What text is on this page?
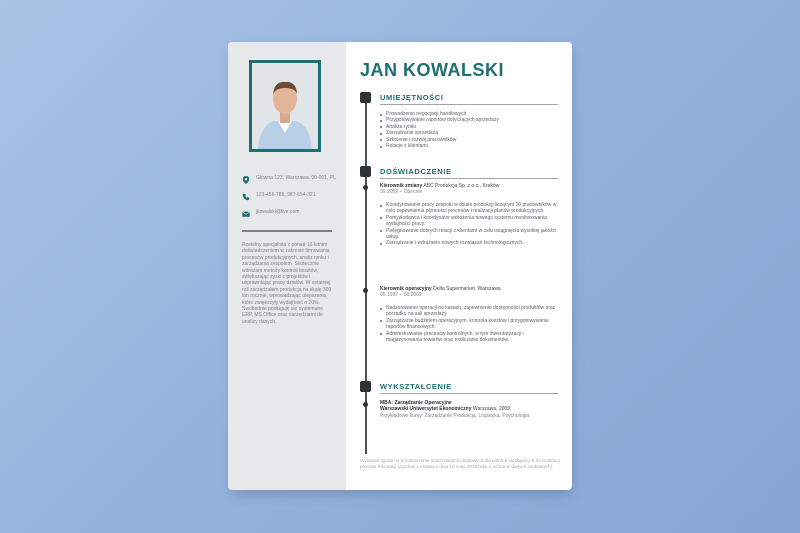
Główna 123, Warszawa, 00-001, PL
123-456-789, 987-654-321
jkowalski@live.com
Rzetelny specjalista z ponad 10-letnim doświadczeniem w zakresie firmowania procesów produkcyjnych, analiz rynku i zarządzania zespołem. Skutecznie wdrażam metody kontroli kosztów, zwiększając zyski z projektów i usprawniając pracę działów. W ostatniej roli zarządzałem produkcją na skalę 300 ton rocznie, wprowadzając ulepszenia, które zwiększyły wydajność o 20%. Swobodnie posługuję się systemami ERP, MS Office oraz narzędziami do analizy danych.
JAN KOWALSKI
UMIEJĘTNOŚCI
Prowadzenie negocjacji handlowych
Przygotowywanie raportów dotyczących sprzedaży
Analiza rynku
Zarządzanie sprzedażą
Szkolenie i rozwój pracowników
Relacje z klientami
DOŚWIADCZENIE
Kierownik zmiany ABC Produkcja Sp. z o.o., Kraków
09.2009 – Obecnie
Koordynowanie pracy zespołu w dziale produkcji liczącym 20 pracowników w celu zapewnienia płynności procesów i realizacji planów produkcyjnych.
Pomysłodawca i koordynator wdrożenia nowego systemu monitorowania wydajności pracy.
Pielęgnowanie dobrych relacji z klientami w celu osiągnięcia wysokiej jakości usług.
Zarządzanie i wdrażanie nowych rozwiązań technologicznych.
Kierownik operacyjny Delta Supermarket, Warszawa
05.1997 – 08.2009
Nadzorowanie operacji na kasach, zapewnienie dostępności produktów oraz porządku na sali sprzedaży.
Zarządzanie budżetem operacyjnym, kontrola kosztów i przygotowywanie raportów finansowych.
Administrowanie procesów kontrolnych, w tym inwentaryzacji i magazynowania towarów oraz rozliczanie dokumentów.
WYKSZTAŁCENIE
MBA: Zarządzanie Operacyjne
Warszawski Uniwersytet Ekonomiczny Warszawa, 2009
Przykładowe kursy: Zarządzanie Produkcją, Logistyka, Psychologia
Wyrażam zgodę na przetwarzanie moich danych osobowych dla potrzeb niezbędnych do realizacji procesu rekrutacji (zgodnie z ustawą z dnia 10 maja 2018 roku o ochronie danych osobowych).
